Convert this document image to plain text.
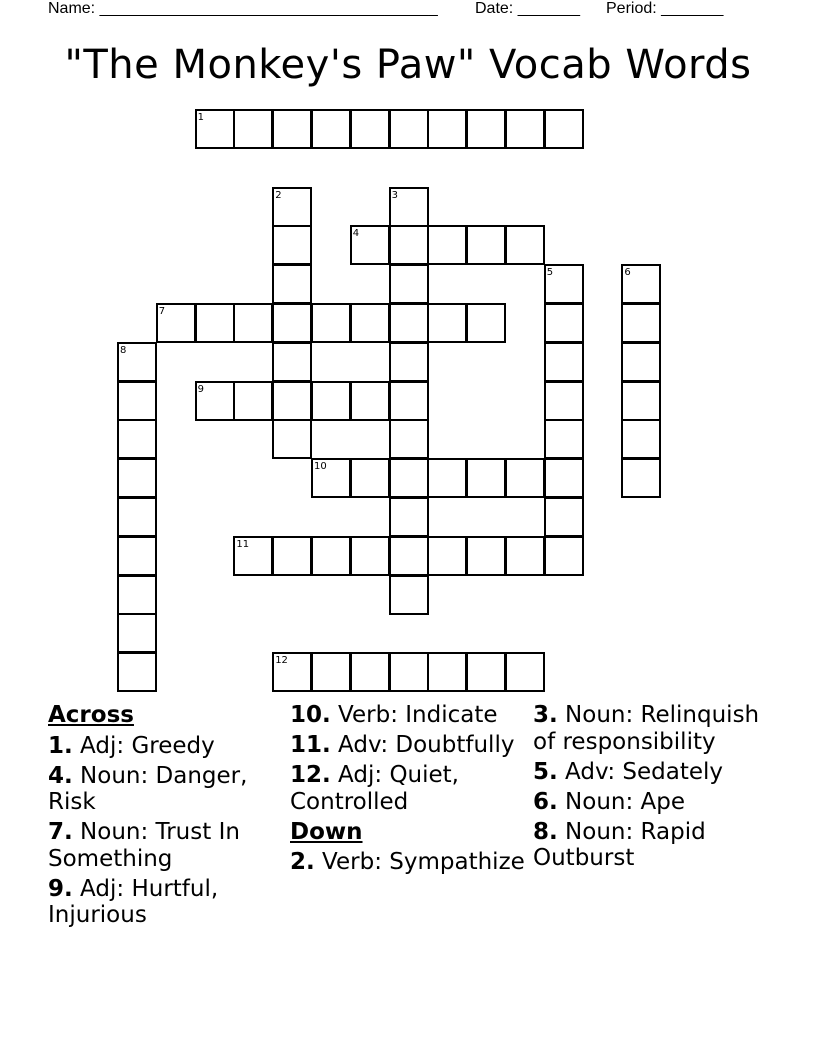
Name: ______________________________________ Date: _______ Period: _______
"The Monkey's Paw" Vocab Words
1
2	3
4
5	6
7
8
9
10
11
12
Across
1. Adj: Greedy
4. Noun: Danger, Risk
7. Noun: Trust In Something
9. Adj: Hurtful, Injurious
10. Verb: Indicate
11. Adv: Doubtfully
12. Adj: Quiet, Controlled
Down
2. Verb: Sympathize
3. Noun: Relinquish of responsibility
5. Adv: Sedately
6. Noun: Ape
8. Noun: Rapid Outburst
